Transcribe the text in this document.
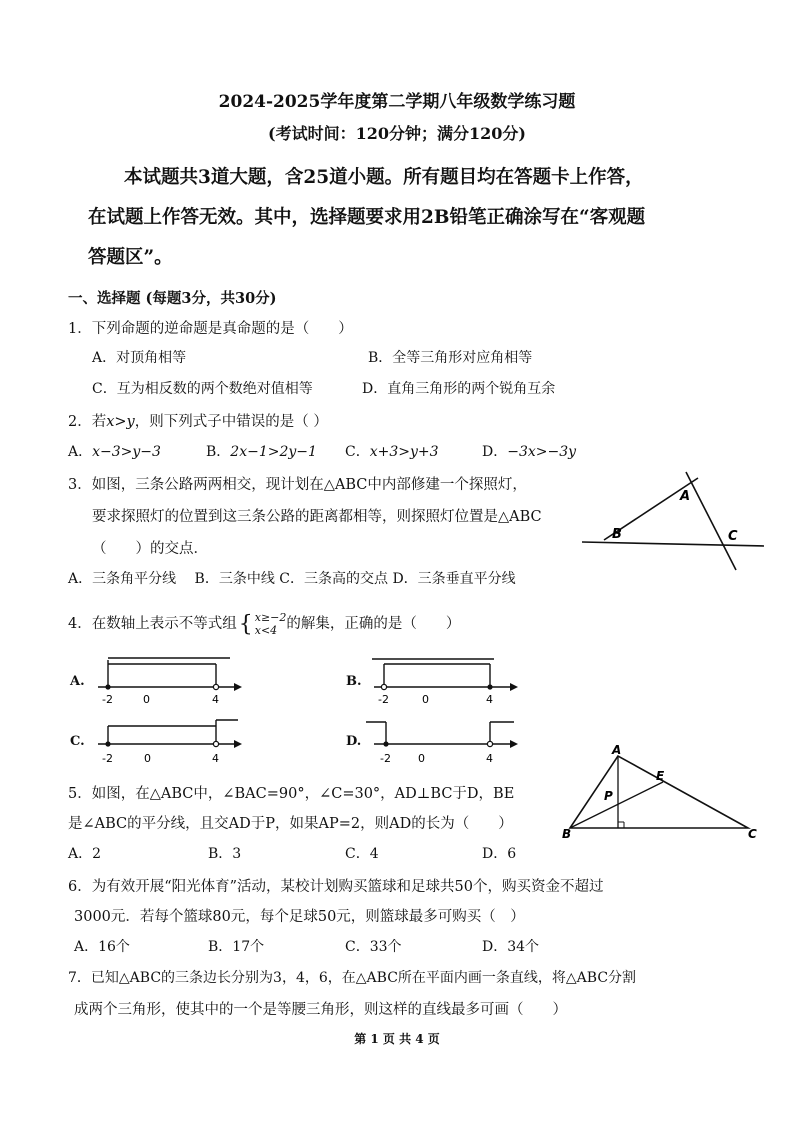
2024-2025学年度第二学期八年级数学练习题
(考试时间：120分钟；满分120分)
本试题共3道大题，含25道小题。所有题目均在答题卡上作答，
在试题上作答无效。其中，选择题要求用2B铅笔正确涂写在“客观题
答题区”。
一、选择题 (每题3分，共30分)
1．下列命题的逆命题是真命题的是（　　）
A．对顶角相等	B．全等三角形对应角相等
C．互为相反数的两个数绝对值相等	D．直角三角形的两个锐角互余
2．若x>y，则下列式子中错误的是（ ）
A．x−3>y−3	B．2x−1>2y−1 C．x+3>y+3	D．−3x>−3y
3．如图，三条公路两两相交，现计划在△ABC中内部修建一个探照灯，
要求探照灯的位置到这三条公路的距离都相等，则探照灯位置是△ABC
（　　）的交点．
A．三条角平分线　 B．三条中线 C．三条高的交点 D．三条垂直平分线
A
B	C
4．在数轴上表示不等式组{ x≥−2
x<4 的解集，正确的是（　　）
A.
-2	0	4
B.
-2	0	4
C.
-2	0	4
D.
-2 0	4
5．如图，在△ABC中，∠BAC=90°，∠C=30°，AD⊥BC于D，BE
是∠ABC的平分线，且交AD于P，如果AP=2，则AD的长为（　　）
A．2	B．3	C．4	D．6
A
E
P
B	C
6．为有效开展“阳光体育”活动，某校计划购买篮球和足球共50个，购买资金不超过
3000元．若每个篮球80元，每个足球50元，则篮球最多可购买（　）
A．16个	B．17个	C．33个	D．34个
7．已知△ABC的三条边长分别为3，4，6，在△ABC所在平面内画一条直线，将△ABC分割
成两个三角形，使其中的一个是等腰三角形，则这样的直线最多可画（　　）
第 1 页 共 4 页
